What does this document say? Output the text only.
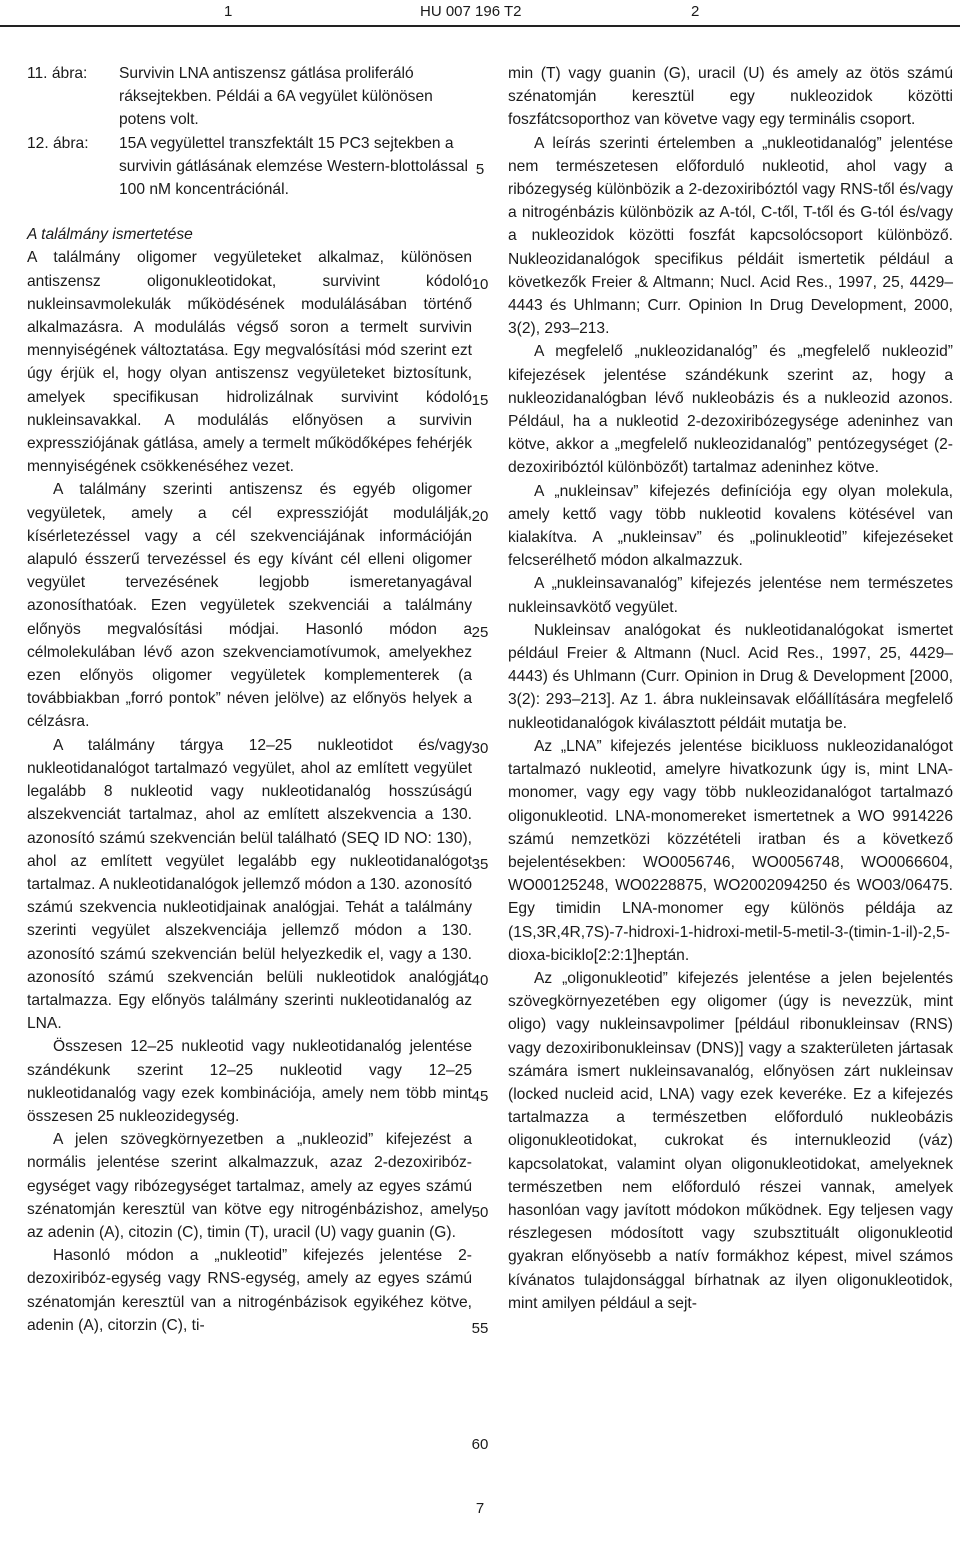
1	HU 007 196 T2	2
11. ábra:	Survivin LNA antiszensz gátlása proliferáló ráksejtekben. Példái a 6A vegyület különösen potens volt.
12. ábra:	15A vegyülettel transzfektált 15 PC3 sejtekben a survivin gátlásának elemzése Western-blottolással 100 nM koncentrációnál.

A találmány ismertetése

A találmány oligomer vegyületeket alkalmaz, különösen antiszensz oligonukleotidokat, survivint kódoló nukleinsavmolekulák működésének modulálásában történő alkalmazásra. A modulálás végső soron a termelt survivin mennyiségének változtatása. Egy megvalósítási mód szerint ezt úgy érjük el, hogy olyan antiszensz vegyületeket biztosítunk, amelyek specifikusan hidrolizálnak survivint kódoló nukleinsavakkal. A modulálás előnyösen a survivin expressziójának gátlása, amely a termelt működőképes fehérjék mennyiségének csökkenéséhez vezet.

A találmány szerinti antiszensz és egyéb oligomer vegyületek, amely a cél expresszióját modulálják, kísérletezéssel vagy a cél szekvenciájának információján alapuló ésszerű tervezéssel és egy kívánt cél elleni oligomer vegyület tervezésének legjobb ismeretanyagával azonosíthatóak. Ezen vegyületek szekvenciái a találmány előnyös megvalósítási módjai. Hasonló módon a célmolekulában lévő azon szekvenciamotívumok, amelyekhez ezen előnyös oligomer vegyületek komplementerek (a továbbiakban „forró pontok” néven jelölve) az előnyös helyek a célzásra.

A találmány tárgya 12–25 nukleotidot és/vagy nukleotidanalógot tartalmazó vegyület, ahol az említett vegyület legalább 8 nukleotid vagy nukleotidanalóg hosszúságú alszekvenciát tartalmaz, ahol az említett alszekvencia a 130. azonosító számú szekvencián belül található (SEQ ID NO: 130), ahol az említett vegyület legalább egy nukleotidanalógot tartalmaz. A nukleotidanalógok jellemző módon a 130. azonosító számú szekvencia nukleotidjainak analógjai. Tehát a találmány szerinti vegyület alszekvenciája jellemző módon a 130. azonosító számú szekvencián belül helyezkedik el, vagy a 130. azonosító számú szekvencián belüli nukleotidok analógját tartalmazza. Egy előnyös találmány szerinti nukleotidanalóg az LNA.

Összesen 12–25 nukleotid vagy nukleotidanalóg jelentése szándékunk szerint 12–25 nukleotid vagy 12–25 nukleotidanalóg vagy ezek kombinációja, amely nem több mint összesen 25 nukleozidegység.

A jelen szövegkörnyezetben a „nukleozid” kifejezést a normális jelentése szerint alkalmazzuk, azaz 2-dezoxiribóz-egységet vagy ribózegységet tartalmaz, amely az egyes számú szénatomján keresztül van kötve egy nitrogénbázishoz, amely az adenin (A), citozin (C), timin (T), uracil (U) vagy guanin (G).

Hasonló módon a „nukleotid” kifejezés jelentése 2-dezoxiribóz-egység vagy RNS-egység, amely az egyes számú szénatomján keresztül van a nitrogénbázisok egyikéhez kötve, adenin (A), citorzin (C), ti-

min (T) vagy guanin (G), uracil (U) és amely az ötös számú szénatomján keresztül egy nukleozidok közötti foszfátcsoporthoz van követve vagy egy terminális csoport.

A leírás szerinti értelemben a „nukleotidanalóg” jelentése nem természetesen előforduló nukleotid, ahol vagy a ribózegység különbözik a 2-dezoxiribóztól vagy RNS-től és/vagy a nitrogénbázis különbözik az A-tól, C-től, T-től és G-tól és/vagy a nukleozidok közötti foszfát kapcsolócsoport különböző. Nukleozidanalógok specifikus példáit ismertetik például a következők Freier & Altmann; Nucl. Acid Res., 1997, 25, 4429–4443 és Uhlmann; Curr. Opinion In Drug Development, 2000, 3(2), 293–213.

A megfelelő „nukleozidanalóg” és „megfelelő nukleozid” kifejezések jelentése szándékunk szerint az, hogy a nukleozidanalógban lévő nukleobázis és a nukleozid azonos. Például, ha a nukleotid 2-dezoxiribózegysége adeninhez van kötve, akkor a „megfelelő nukleozidanalóg” pentózegységet (2-dezoxiribóztól különbözőt) tartalmaz adeninhez kötve.

A „nukleinsav” kifejezés definíciója egy olyan molekula, amely kettő vagy több nukleotid kovalens kötésével van kialakítva. A „nukleinsav” és „polinukleotid” kifejezéseket felcserélhető módon alkalmazzuk.

A „nukleinsavanalóg” kifejezés jelentése nem természetes nukleinsavkötő vegyület.

Nukleinsav analógokat és nukleotidanalógokat ismertet például Freier & Altmann (Nucl. Acid Res., 1997, 25, 4429–4443) és Uhlmann (Curr. Opinion in Drug & Development [2000, 3(2): 293–213]. Az 1. ábra nukleinsavak előállítására megfelelő nukleotidanalógok kiválasztott példáit mutatja be.

Az „LNA” kifejezés jelentése bicikluoss nukleozidanalógot tartalmazó nukleotid, amelyre hivatkozunk úgy is, mint LNA-monomer, vagy egy vagy több nukleozidanalógot tartalmazó oligonukleotid. LNA-monomereket ismertetnek a WO 9914226 számú nemzetközi közzétételi iratban és a következő bejelentésekben: WO0056746, WO0056748, WO0066604, WO00125248, WO0228875, WO2002094250 és WO03/06475. Egy timidin LNA-monomer egy különös példája az (1S,3R,4R,7S)-7-hidroxi-1-hidroxi-metil-5-metil-3-(timin-1-il)-2,5-dioxa-biciklo[2:2:1]heptán.

Az „oligonukleotid” kifejezés jelentése a jelen bejelentés szövegkörnyezetében egy oligomer (úgy is nevezzük, mint oligo) vagy nukleinsavpolimer [például ribonukleinsav (RNS) vagy dezoxiribonukleinsav (DNS)] vagy a szakterületen jártasak számára ismert nukleinsavanalóg, előnyösen zárt nukleinsav (locked nucleid acid, LNA) vagy ezek keveréke. Ez a kifejezés tartalmazza a természetben előforduló nukleobázis oligonukleotidokat, cukrokat és internukleozid (váz) kapcsolatokat, valamint olyan oligonukleotidokat, amelyeknek természetben nem előforduló részei vannak, amelyek hasonlóan vagy javított módokon működnek. Egy teljesen vagy részlegesen módosított vagy szubsztituált oligonukleotid gyakran előnyösebb a natív formákhoz képest, mivel számos kívánatos tulajdonsággal bírhatnak az ilyen oligonukleotidok, mint amilyen például a sejt-

5
10
15
20
25
30
35
40
45
50
55
60
7
